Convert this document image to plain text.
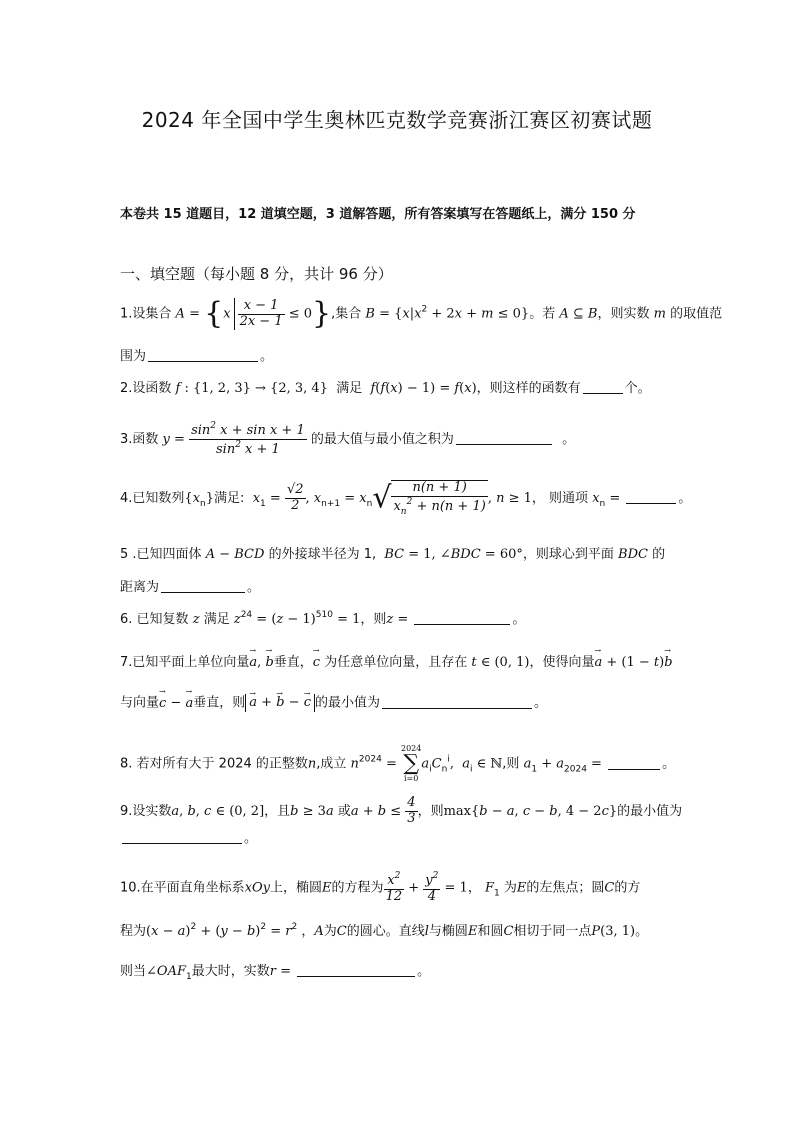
2024 年全国中学生奥林匹克数学竞赛浙江赛区初赛试题
本卷共 15 道题目，12 道填空题，3 道解答题，所有答案填写在答题纸上，满分 150 分
一、填空题（每小题 8 分，共计 96 分）
1.设集合 $A = \{x \frac{x - 1}{2x - 1} \le 0\}$,集合 $B = \{x|x^2 + 2x + m \le 0\}$。若 A ⊆ B，则实数 m 的取值范
围为	。
2.设函数 f : {1, 2, 3} → {2, 3, 4} 满足 f(f(x) − 1) = f(x)，则这样的函数有	个。
3.函数 $y = \frac{\sin^2 x + \sin x + 1}{\sin^2 x + 1}$ 的最大值与最小值之积为	。
4.已知数列$\{x_n\}$满足: $x_1 = \frac{√2}{2}$ , $x_{n+1} = x_n√ \frac{n(n + 1)}{x_n^2 + n(n + 1)}$ , n ≥ 1， 则通项 $x_n$ =	。
5 .已知四面体 A − BCD 的外接球半径为 1, BC = 1, ∠BDC = 60°，则球心到平面 BDC 的
距离为	。
6. 已知复数 z 满足 $z^{24} = (z - 1)^{510} = 1$，则z =	。
7.已知平面上单位向量→ a, → b垂直，→ c 为任意单位向量，且存在 t ∈ (0, 1)，使得向量→ a + (1 − t)→ b
与向量→ c − → a垂直，则→ a + → b − → c 的最小值为	。
8. 若对所有大于 2024 的正整数n,成立 $n^{2024}$ =
2024
∑
i=0
$a_iC_n^i$,  $a_i$ ∈ ℕ,则 $a_1 + a_{2024}$ =	。
9.设实数a, b, c ∈ (0, 2]，且b ≥ 3a 或$a + b \le \frac{4}{3}$ ，则max{b − a, c − b, 4 − 2c}的最小值为
。
10.在平面直角坐标系xOy上，椭圆E的方程为 $\frac{x^2}{12} + \frac{y^2}{4} = 1$， $F_1$ 为E的左焦点；圆C的方
程为$(x - a)^2 + (y - b)^2 = r^2$ ，A为C的圆心。直线l与椭圆E和圆C相切于同一点P(3, 1)。
则当$\angle OAF_1$最大时，实数r =	。
